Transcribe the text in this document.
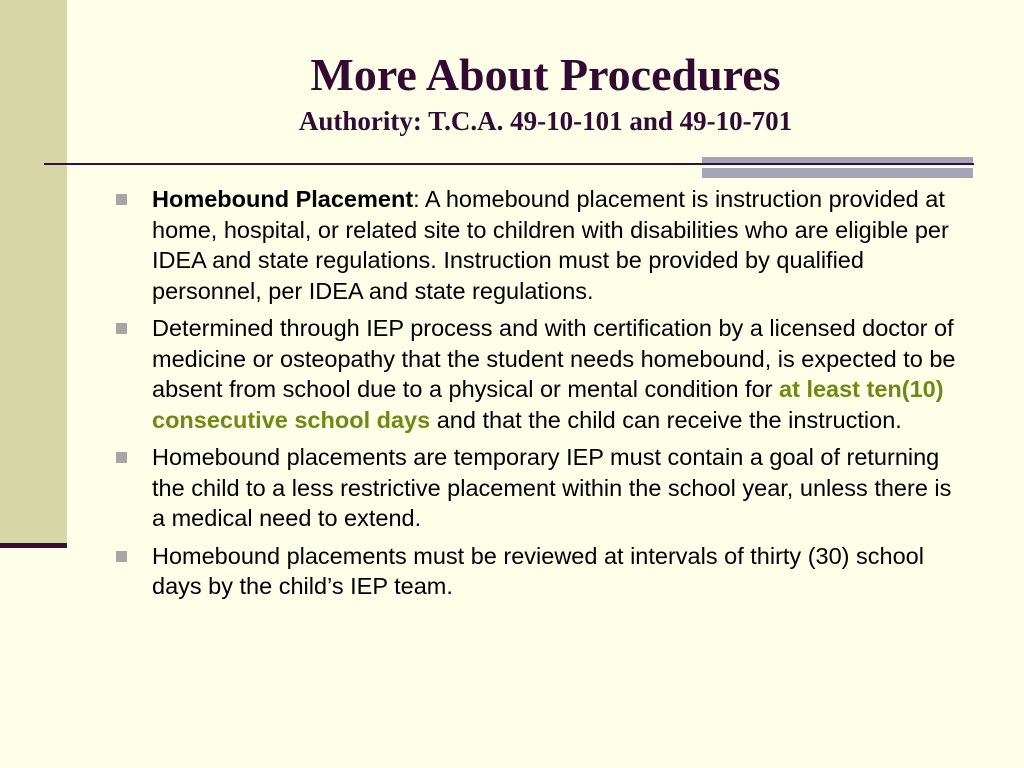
More About Procedures
Authority: T.C.A. 49-10-101 and 49-10-701
Homebound Placement: A homebound placement is instruction provided at home, hospital, or related site to children with disabilities who are eligible per IDEA and state regulations. Instruction must be provided by qualified personnel, per IDEA and state regulations.
Determined through IEP process and with certification by a licensed doctor of medicine or osteopathy that the student needs homebound, is expected to be absent from school due to a physical or mental condition for at least ten(10) consecutive school days and that the child can receive the instruction.
Homebound placements are temporary IEP must contain a goal of returning the child to a less restrictive placement within the school year, unless there is a medical need to extend.
Homebound placements must be reviewed at intervals of thirty (30) school days by the child’s IEP team.
